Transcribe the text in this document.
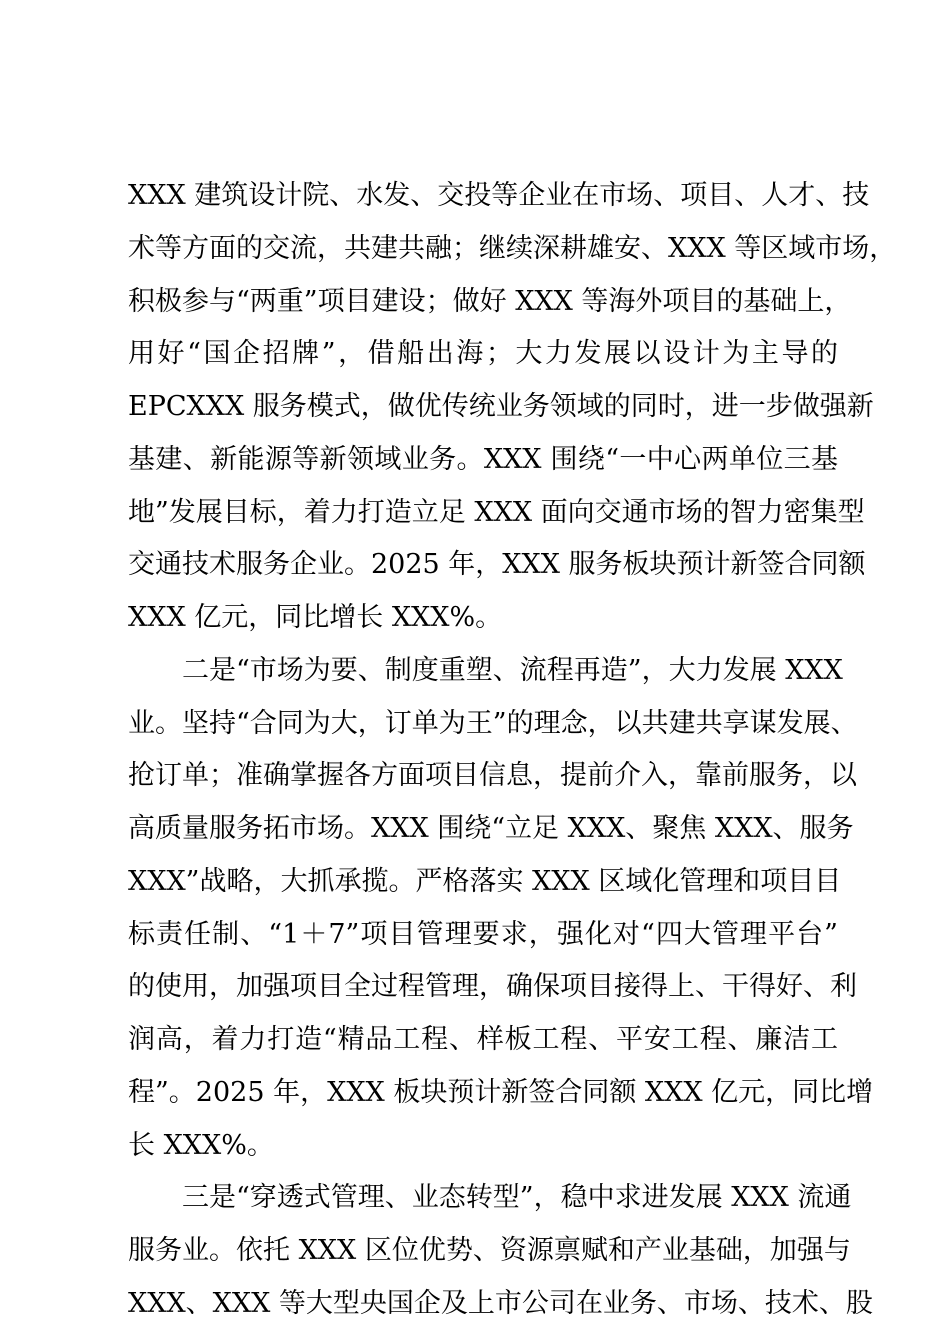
XXX 建筑设计院、水发、交投等企业在市场、项目、人才、技
术等方面的交流，共建共融；继续深耕雄安、XXX 等区域市场，
积极参与“两重”项目建设；做好 XXX 等海外项目的基础上，
用好“国企招牌”，借船出海；大力发展以设计为主导的
EPCXXX 服务模式，做优传统业务领域的同时，进一步做强新
基建、新能源等新领域业务。XXX 围绕“一中心两单位三基
地”发展目标，着力打造立足 XXX 面向交通市场的智力密集型
交通技术服务企业。2025 年，XXX 服务板块预计新签合同额
XXX 亿元，同比增长 XXX%。
二是“市场为要、制度重塑、流程再造”，大力发展 XXX
业。坚持“合同为大，订单为王”的理念，以共建共享谋发展、
抢订单；准确掌握各方面项目信息，提前介入，靠前服务，以
高质量服务拓市场。XXX 围绕“立足 XXX、聚焦 XXX、服务
XXX”战略，大抓承揽。严格落实 XXX 区域化管理和项目目
标责任制、“1＋7”项目管理要求，强化对“四大管理平台”
的使用，加强项目全过程管理，确保项目接得上、干得好、利
润高，着力打造“精品工程、样板工程、平安工程、廉洁工
程”。2025 年，XXX 板块预计新签合同额 XXX 亿元，同比增
长 XXX%。
三是“穿透式管理、业态转型”，稳中求进发展 XXX 流通
服务业。依托 XXX 区位优势、资源禀赋和产业基础，加强与
XXX、XXX 等大型央国企及上市公司在业务、市场、技术、股
